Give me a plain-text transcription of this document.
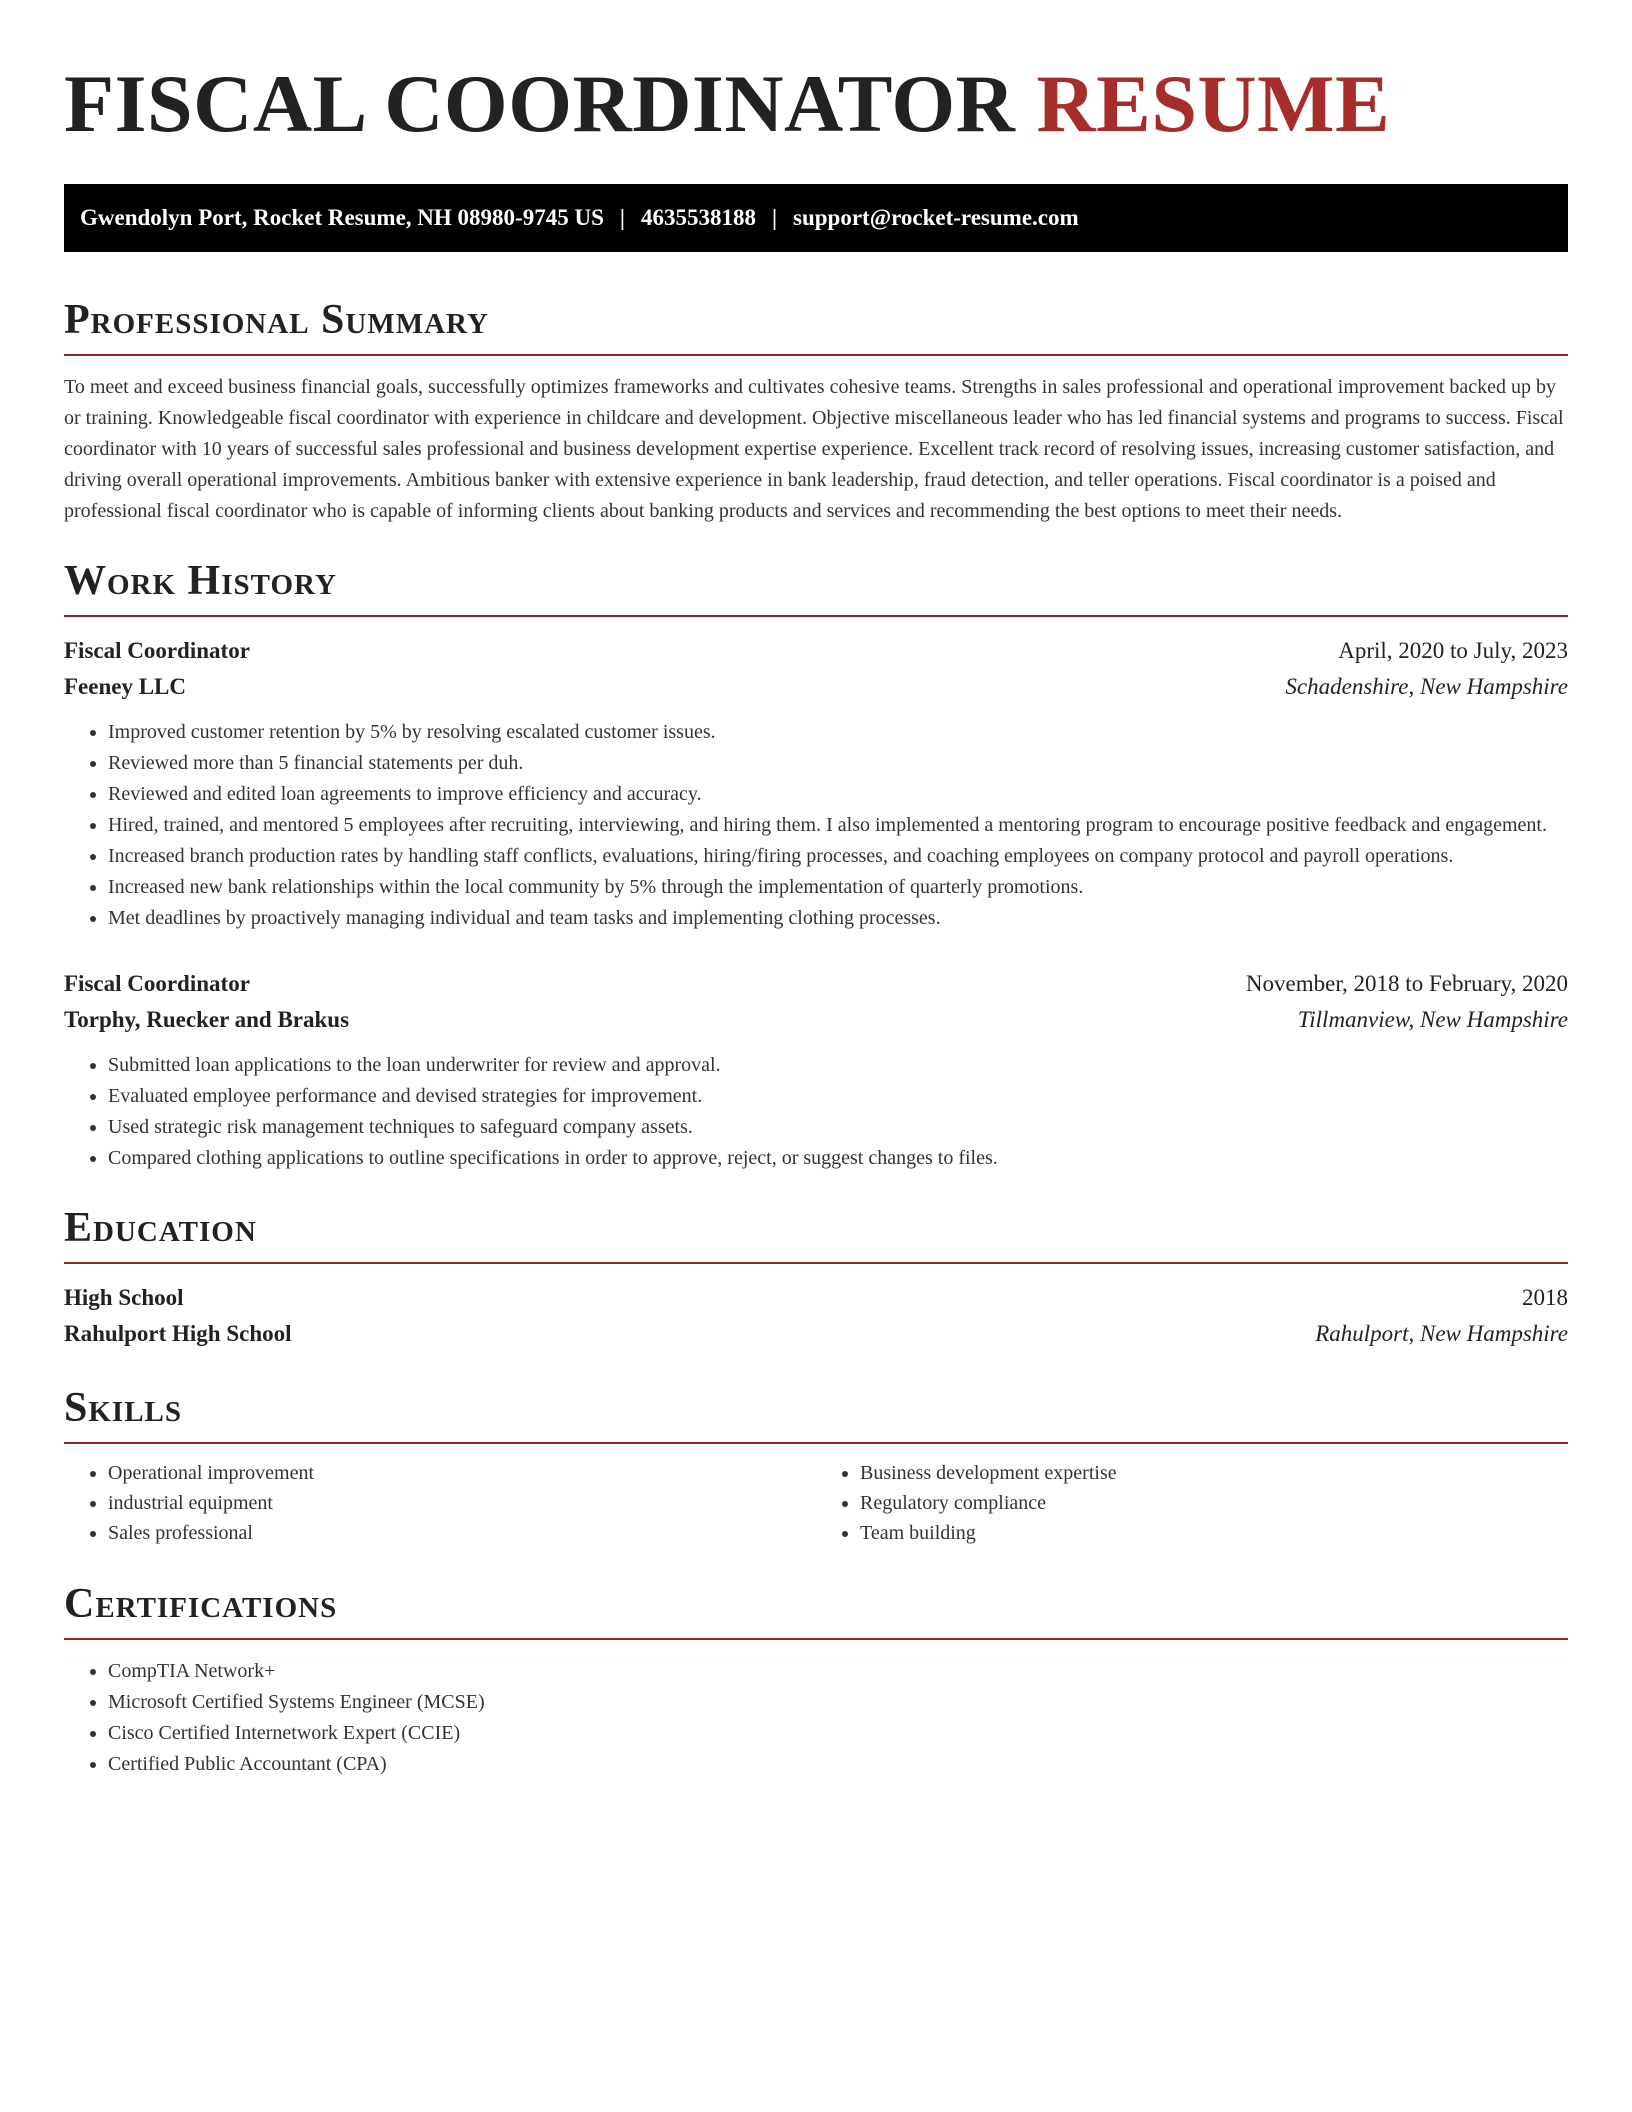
FISCAL COORDINATOR RESUME
Gwendolyn Port, Rocket Resume, NH 08980-9745 US | 4635538188 | support@rocket-resume.com
Professional Summary

To meet and exceed business financial goals, successfully optimizes frameworks and cultivates cohesive teams. Strengths in sales professional and operational improvement backed up by or training. Knowledgeable fiscal coordinator with experience in childcare and development. Objective miscellaneous leader who has led financial systems and programs to success. Fiscal coordinator with 10 years of successful sales professional and business development expertise experience. Excellent track record of resolving issues, increasing customer satisfaction, and driving overall operational improvements. Ambitious banker with extensive experience in bank leadership, fraud detection, and teller operations. Fiscal coordinator is a poised and professional fiscal coordinator who is capable of informing clients about banking products and services and recommending the best options to meet their needs.

Work History
Fiscal Coordinator	April, 2020 to July, 2023
Feeney LLC	Schadenshire, New Hampshire
• Improved customer retention by 5% by resolving escalated customer issues.
• Reviewed more than 5 financial statements per duh.
• Reviewed and edited loan agreements to improve efficiency and accuracy.
• Hired, trained, and mentored 5 employees after recruiting, interviewing, and hiring them. I also implemented a mentoring program to encourage positive feedback and engagement.
• Increased branch production rates by handling staff conflicts, evaluations, hiring/firing processes, and coaching employees on company protocol and payroll operations.
• Increased new bank relationships within the local community by 5% through the implementation of quarterly promotions.
• Met deadlines by proactively managing individual and team tasks and implementing clothing processes.
Fiscal Coordinator	November, 2018 to February, 2020
Torphy, Ruecker and Brakus	Tillmanview, New Hampshire
• Submitted loan applications to the loan underwriter for review and approval.
• Evaluated employee performance and devised strategies for improvement.
• Used strategic risk management techniques to safeguard company assets.
• Compared clothing applications to outline specifications in order to approve, reject, or suggest changes to files.
Education
High School	2018
Rahulport High School	Rahulport, New Hampshire
Skills
• Operational improvement
• industrial equipment
• Sales professional
• Business development expertise
• Regulatory compliance
• Team building
Certifications
• CompTIA Network+
• Microsoft Certified Systems Engineer (MCSE)
• Cisco Certified Internetwork Expert (CCIE)
• Certified Public Accountant (CPA)
